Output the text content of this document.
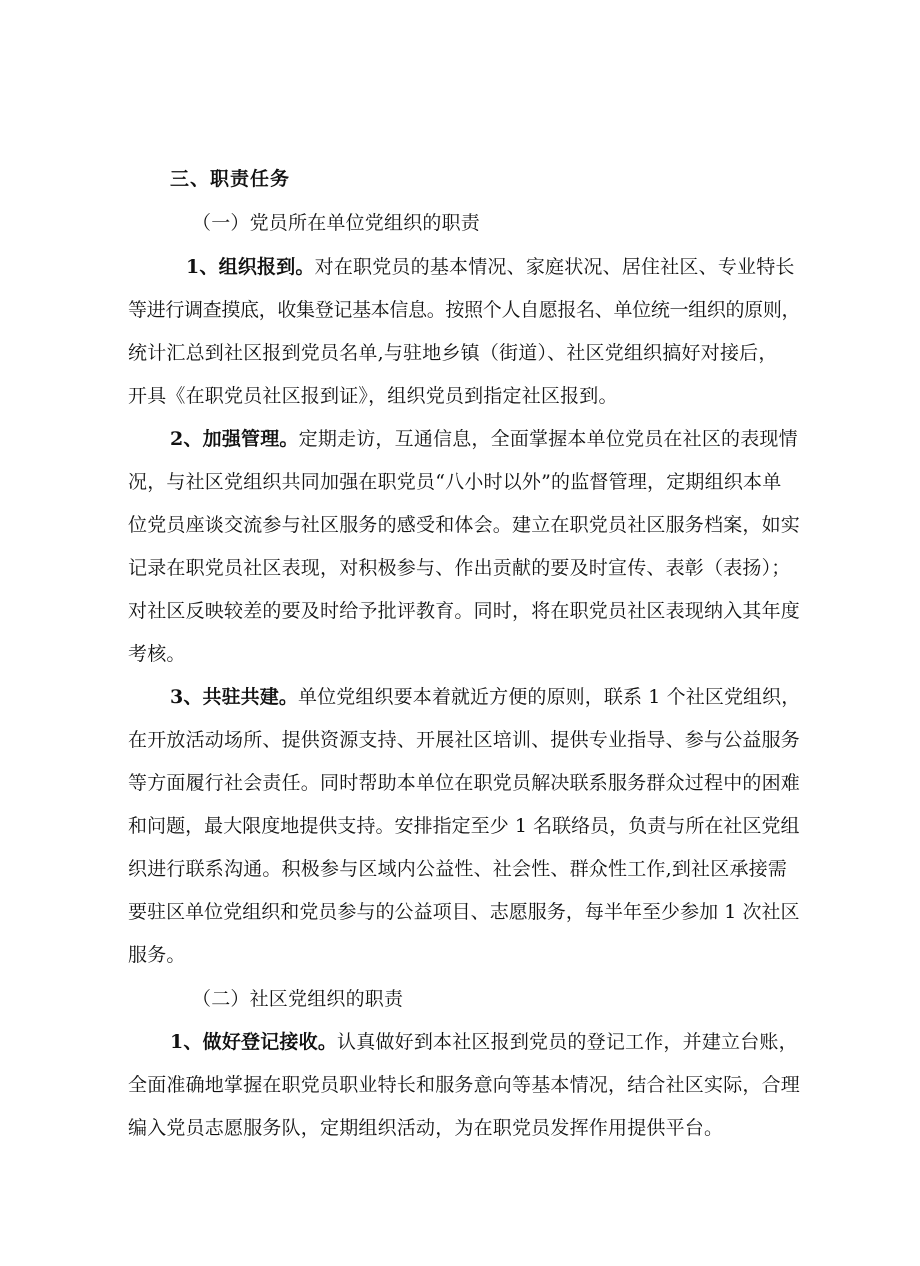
三、职责任务

（一）党员所在单位党组织的职责

1、组织报到。对在职党员的基本情况、家庭状况、居住社区、专业特长

等进行调查摸底，收集登记基本信息。按照个人自愿报名、单位统一组织的原则，

统计汇总到社区报到党员名单,与驻地乡镇（街道）、社区党组织搞好对接后，

开具《在职党员社区报到证》，组织党员到指定社区报到。

2、加强管理。定期走访，互通信息，全面掌握本单位党员在社区的表现情

况，与社区党组织共同加强在职党员“八小时以外”的监督管理，定期组织本单

位党员座谈交流参与社区服务的感受和体会。建立在职党员社区服务档案，如实

记录在职党员社区表现，对积极参与、作出贡献的要及时宣传、表彰（表扬）；

对社区反映较差的要及时给予批评教育。同时，将在职党员社区表现纳入其年度

考核。

3、共驻共建。单位党组织要本着就近方便的原则，联系 1 个社区党组织，

在开放活动场所、提供资源支持、开展社区培训、提供专业指导、参与公益服务

等方面履行社会责任。同时帮助本单位在职党员解决联系服务群众过程中的困难

和问题，最大限度地提供支持。安排指定至少 1 名联络员，负责与所在社区党组

织进行联系沟通。积极参与区域内公益性、社会性、群众性工作,到社区承接需

要驻区单位党组织和党员参与的公益项目、志愿服务，每半年至少参加 1 次社区

服务。

（二）社区党组织的职责

1、做好登记接收。认真做好到本社区报到党员的登记工作，并建立台账，

全面准确地掌握在职党员职业特长和服务意向等基本情况，结合社区实际，合理

编入党员志愿服务队，定期组织活动，为在职党员发挥作用提供平台。
